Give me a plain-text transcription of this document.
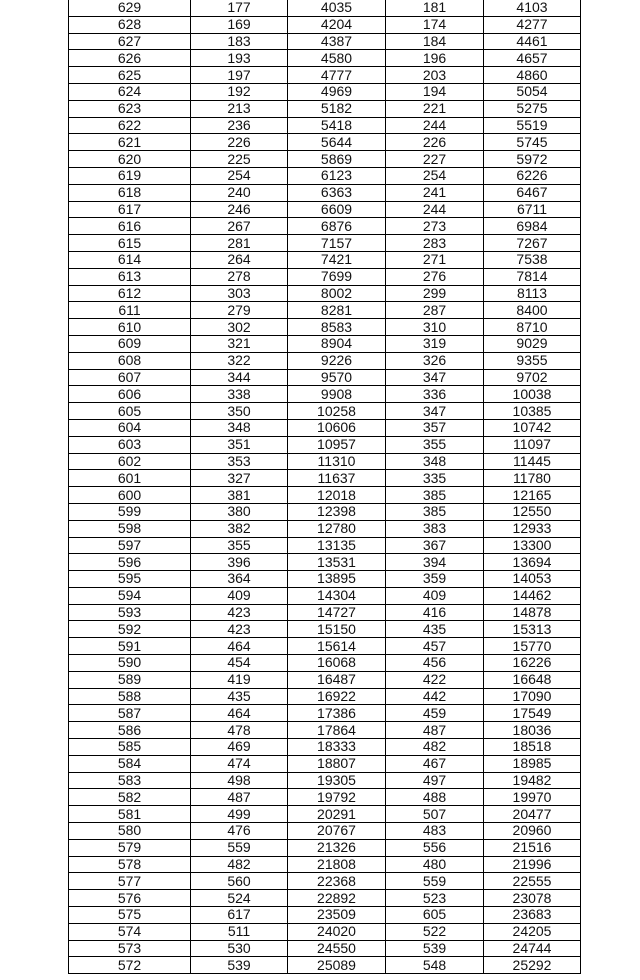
629	177	4035	181	4103
628	169	4204	174	4277
627	183	4387	184	4461
626	193	4580	196	4657
625	197	4777	203	4860
624	192	4969	194	5054
623	213	5182	221	5275
622	236	5418	244	5519
621	226	5644	226	5745
620	225	5869	227	5972
619	254	6123	254	6226
618	240	6363	241	6467
617	246	6609	244	6711
616	267	6876	273	6984
615	281	7157	283	7267
614	264	7421	271	7538
613	278	7699	276	7814
612	303	8002	299	8113
611	279	8281	287	8400
610	302	8583	310	8710
609	321	8904	319	9029
608	322	9226	326	9355
607	344	9570	347	9702
606	338	9908	336	10038
605	350	10258	347	10385
604	348	10606	357	10742
603	351	10957	355	11097
602	353	11310	348	11445
601	327	11637	335	11780
600	381	12018	385	12165
599	380	12398	385	12550
598	382	12780	383	12933
597	355	13135	367	13300
596	396	13531	394	13694
595	364	13895	359	14053
594	409	14304	409	14462
593	423	14727	416	14878
592	423	15150	435	15313
591	464	15614	457	15770
590	454	16068	456	16226
589	419	16487	422	16648
588	435	16922	442	17090
587	464	17386	459	17549
586	478	17864	487	18036
585	469	18333	482	18518
584	474	18807	467	18985
583	498	19305	497	19482
582	487	19792	488	19970
581	499	20291	507	20477
580	476	20767	483	20960
579	559	21326	556	21516
578	482	21808	480	21996
577	560	22368	559	22555
576	524	22892	523	23078
575	617	23509	605	23683
574	511	24020	522	24205
573	530	24550	539	24744
572	539	25089	548	25292
